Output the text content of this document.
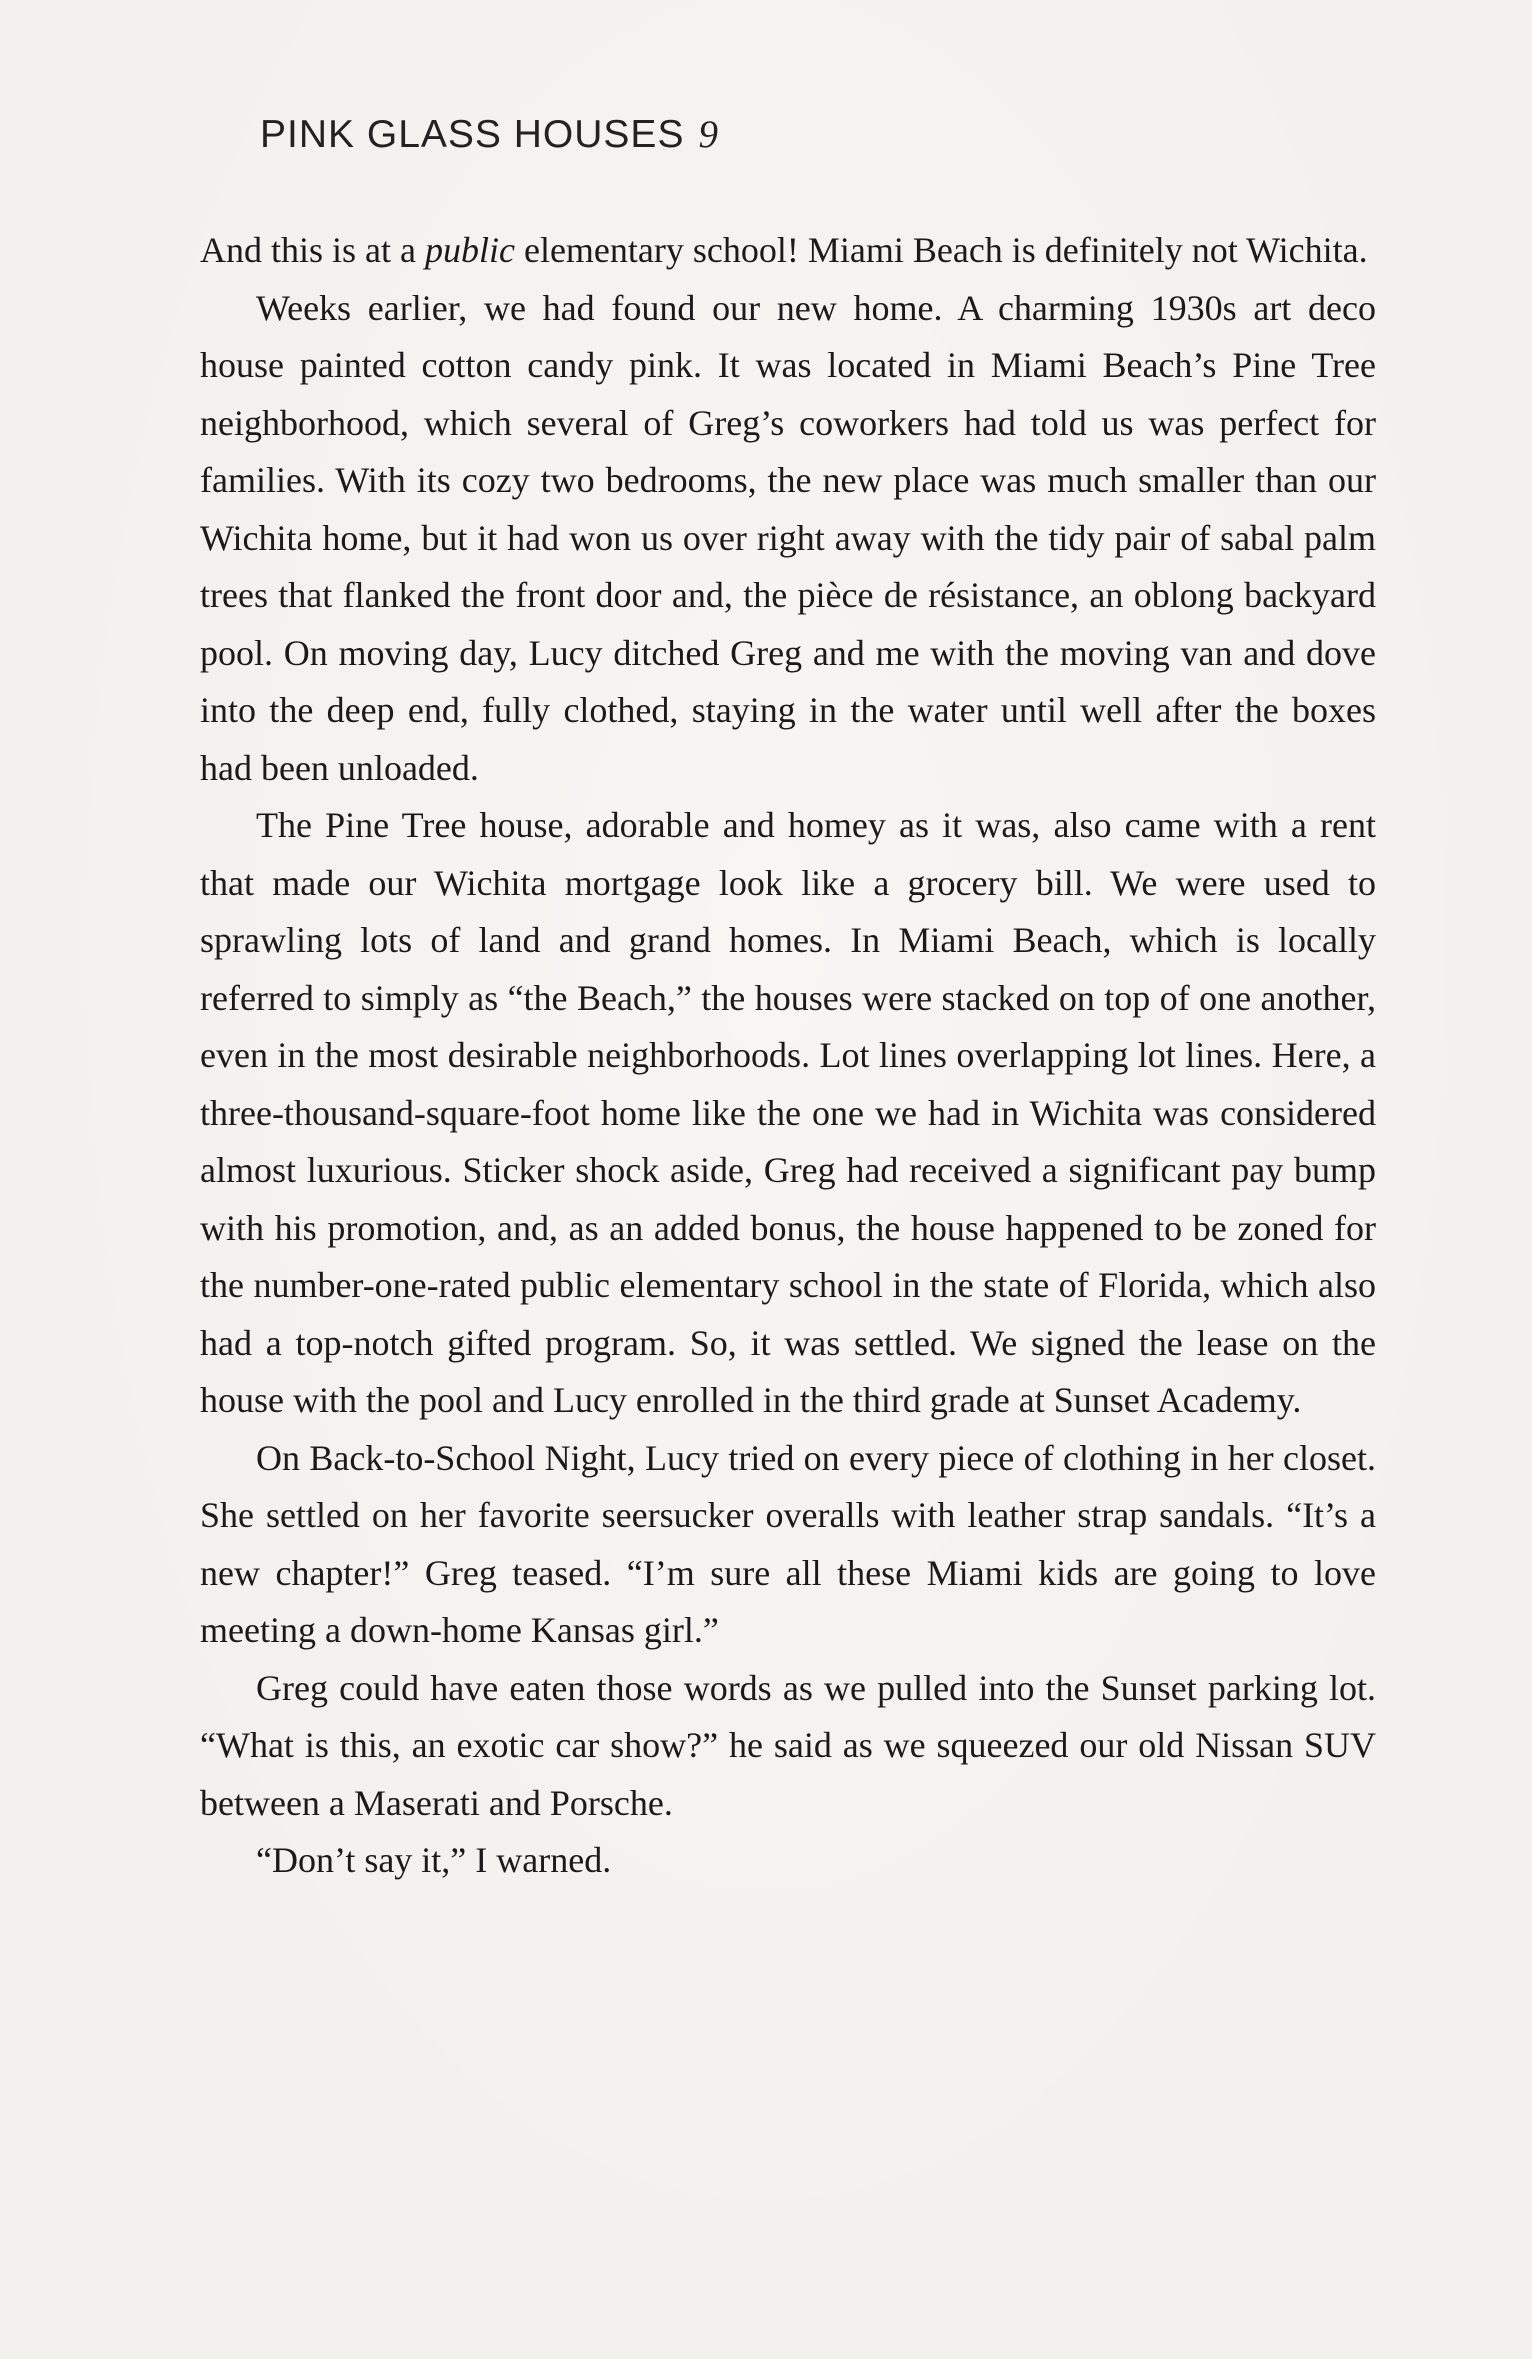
PINK GLASS HOUSES 9

And this is at a public elementary school! Miami Beach is definitely not Wichita.

Weeks earlier, we had found our new home. A charming 1930s art deco house painted cotton candy pink. It was located in Miami Beach’s Pine Tree neighborhood, which several of Greg’s coworkers had told us was perfect for families. With its cozy two bedrooms, the new place was much smaller than our Wichita home, but it had won us over right away with the tidy pair of sabal palm trees that flanked the front door and, the pièce de résistance, an oblong backyard pool. On moving day, Lucy ditched Greg and me with the moving van and dove into the deep end, fully clothed, staying in the water until well after the boxes had been unloaded.

The Pine Tree house, adorable and homey as it was, also came with a rent that made our Wichita mortgage look like a grocery bill. We were used to sprawling lots of land and grand homes. In Miami Beach, which is locally referred to simply as “the Beach,” the houses were stacked on top of one another, even in the most desirable neighborhoods. Lot lines overlapping lot lines. Here, a three-thousand-square-foot home like the one we had in Wichita was considered almost luxurious. Sticker shock aside, Greg had received a significant pay bump with his promotion, and, as an added bonus, the house happened to be zoned for the number-one-rated public elementary school in the state of Florida, which also had a top-notch gifted program. So, it was settled. We signed the lease on the house with the pool and Lucy enrolled in the third grade at Sunset Academy.

On Back-to-School Night, Lucy tried on every piece of clothing in her closet. She settled on her favorite seersucker overalls with leather strap sandals. “It’s a new chapter!” Greg teased. “I’m sure all these Miami kids are going to love meeting a down-home Kansas girl.”

Greg could have eaten those words as we pulled into the Sunset parking lot. “What is this, an exotic car show?” he said as we squeezed our old Nissan SUV between a Maserati and Porsche.

“Don’t say it,” I warned.
